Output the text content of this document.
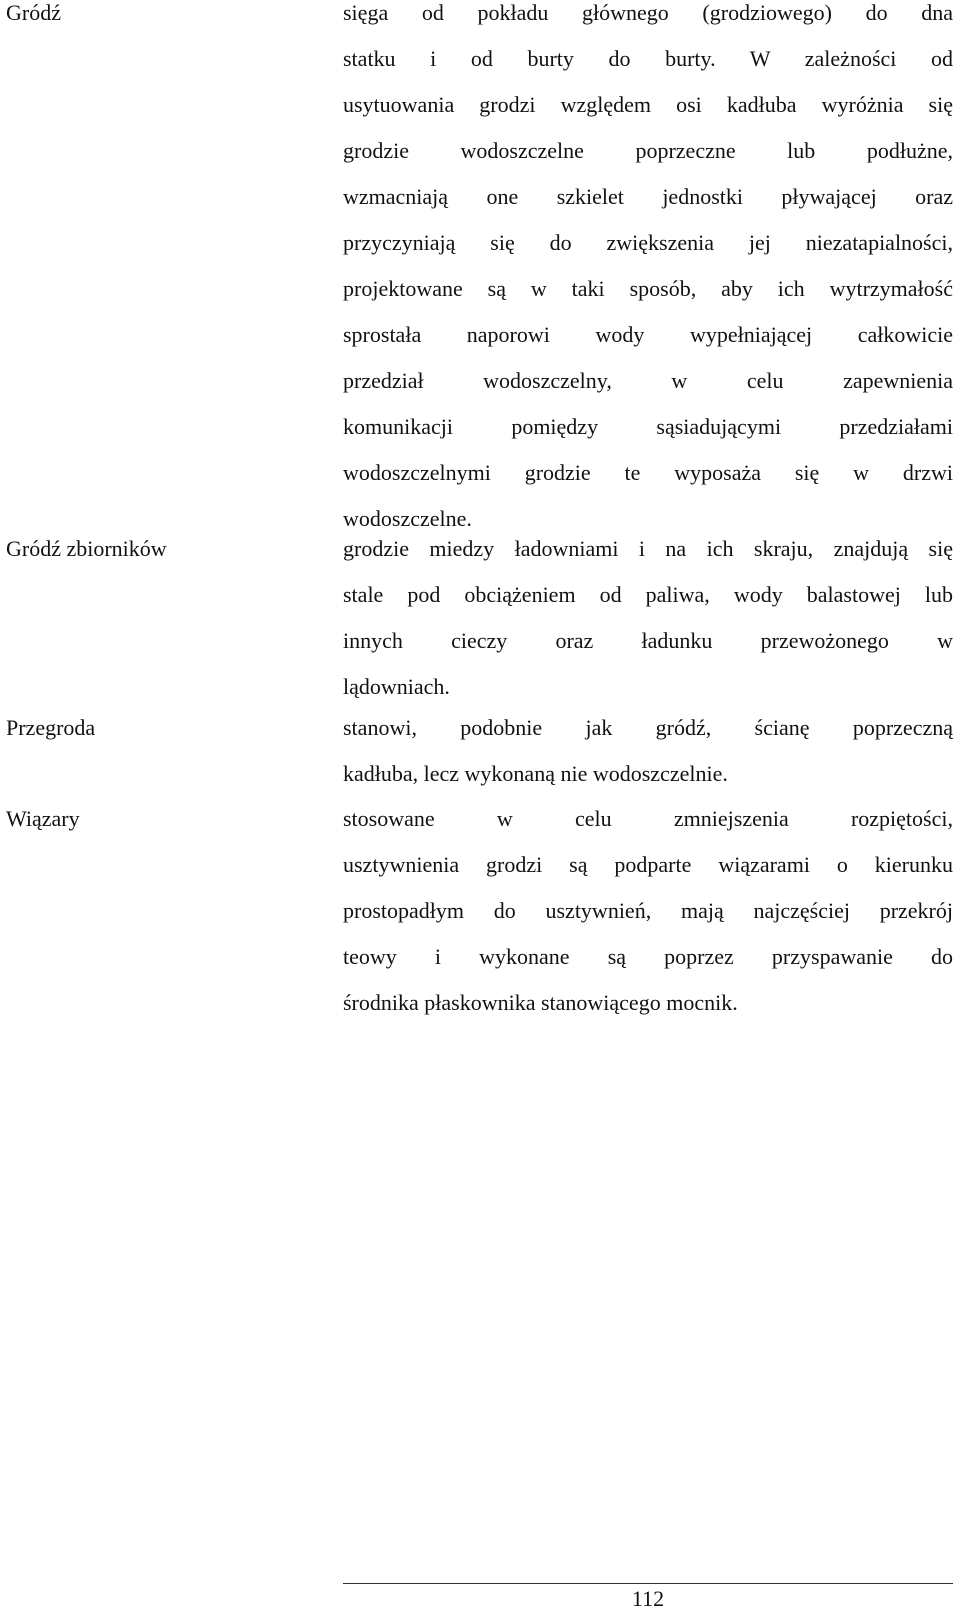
Gródź	sięga od pokładu głównego (grodziowego) do dna
statku i od burty do burty. W zależności od
usytuowania grodzi względem osi kadłuba wyróżnia się
grodzie wodoszczelne poprzeczne lub podłużne,
wzmacniają one szkielet jednostki pływającej oraz
przyczyniają się do zwiększenia jej niezatapialności,
projektowane są w taki sposób, aby ich wytrzymałość
sprostała naporowi wody wypełniającej całkowicie
przedział wodoszczelny, w celu zapewnienia
komunikacji pomiędzy sąsiadującymi przedziałami
wodoszczelnymi grodzie te wyposaża się w drzwi
wodoszczelne.
Gródź zbiorników	grodzie miedzy ładowniami i na ich skraju, znajdują się
stale pod obciążeniem od paliwa, wody balastowej lub
innych cieczy oraz ładunku przewożonego w
lądowniach.
Przegroda	stanowi, podobnie jak gródź, ścianę poprzeczną
kadłuba, lecz wykonaną nie wodoszczelnie.
Wiązary	stosowane w celu zmniejszenia rozpiętości,
usztywnienia grodzi są podparte wiązarami o kierunku
prostopadłym do usztywnień, mają najczęściej przekrój
teowy i wykonane są poprzez przyspawanie do
środnika płaskownika stanowiącego mocnik.
112
